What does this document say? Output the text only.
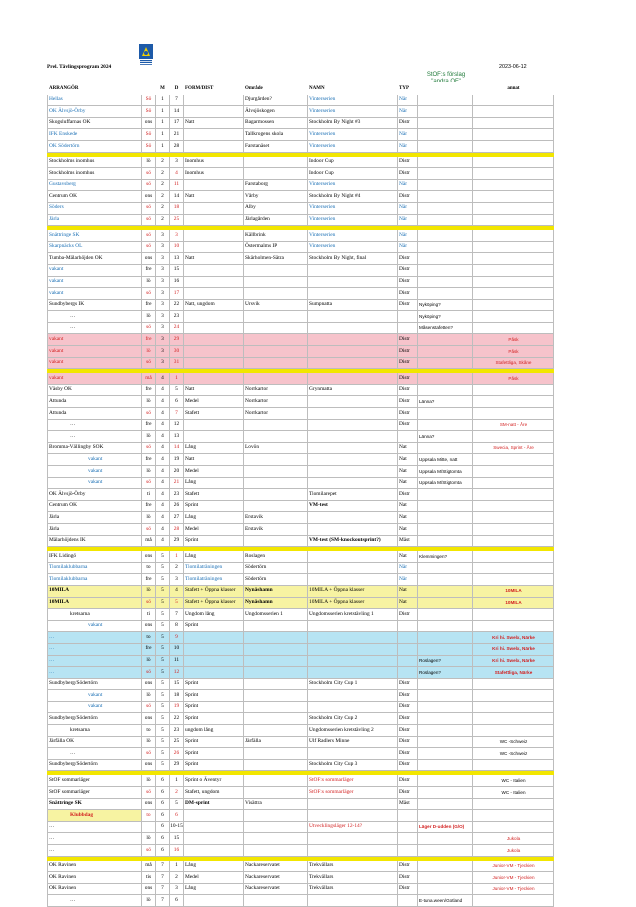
Prel. Tävlingsprogram 2024	2023-06-12
StOF:s förslag
"andra OF"
ARRANGÖR		M	D	FORM/DIST	Område	NAMN	TYP		annat
Hellas	Sö	1	7		Djurgården?	Vinterserien	När		
OK Älvsjö-Örby	Sö	1	14		Älvsjöskogen	Vinterserien	När		
Skogsluffarnas OK	ons	1	17	Natt	Bagarmossen	Stockholm By Night #3	Distr		
IFK Enskede	Sö	1	21		Tallkrogens skola	Vinterserien	När		
OK Södertörn	Sö	1	28		Farstanäset	Vinterserien	När		

Stockholms inomhus	lö	2	3	Inomhus		Indoor Cup	Distr		
Stockholms inomhus	sö	2	4	Inomhus		Indoor Cup	Distr		
Gustavsberg	sö	2	11		Farstaborg	Vinterserien	När		
Centrum OK	ons	2	14	Natt	Vårby	Stockholm By Night #4	Distr		
Söders	sö	2	18		Alby	Vinterserien	När		
Järla	sö	2	25		Järlagården	Vinterserien	När		

Snättringe SK	sö	3	3		Källbrink	Vinterserien	När		
Skarpnäcks OL	sö	3	10		Östermalms IP	Vinterserien	När		
Tumba-Mälarhöjden OK	ons	3	13	Natt	Skärholmen-Sätra	Stockholm By Night, final	Distr		
vakant	fre	3	15				Distr		
vakant	lö	3	16				Distr		
vakant	sö	3	17				Distr		
Sundbybergs IK	fre	3	22	Natt, ungdom	Ursvik	Sumpnatta	Distr	Nyköping?	
…	lö	3	23					Nyköping?	
…	sö	3	24					Måsenstafetten?	
vakant	fre	3	29				Distr		Påsk
vakant	lö	3	30				Distr		Påsk
vakant	sö	3	31				Distr		Stafettliga, Skåne

vakant	må	4	1				Distr		Påsk
Väsby OK	fre	4	5	Natt	Norrkartor	Grynmatta	Distr		
Attunda	lö	4	6	Medel	Norrkartor		Distr	Länna?	
Attunda	sö	4	7	Stafett	Norrkartor		Distr		
…	fre	4	12				Distr		SM-natt - Åre
…	lö	4	13					Länna?	
Bromma-Vällingby SOK	sö	4	14	Lång	Lovön		Nat		Swecia, Sprint - Åre
vakant	fre	4	19	Natt			Nat	Uppsala Mitte, natt	
vakant	lö	4	20	Medel			Nat	Uppsala M/Stigtomta	
vakant	sö	4	21	Lång			Nat	Uppsala M/Stigtomta	
OK Älvsjö-Örby	ti	4	23	Stafett		Tiomilarepet	Distr		
Centrum OK	fre	4	26	Sprint		VM-test	Nat		
Järla	lö	4	27	Lång	Erstavik		Nat		
Järla	sö	4	28	Medel	Erstavik		Nat		
Mälarhöjdens IK	må	4	29	Sprint		VM-test (SM-knockoutsprint?)	Mäst		

IFK Lidingö	ons	5	1	Lång	Roslagen		Nat	Klemmingen?	
Tiomilaklubbarna	to	5	2	Tiomilaträningen	Södertörn		När		
Tiomilaklubbarna	fre	5	3	Tiomilaträningen	Södertörn		När		
10MILA	lö	5	4	Stafett + Öppna klasser	Nynäshamn	10MILA + Öppna klasser	Nat		10MILA
10MILA	sö	5	5	Stafett + Öppna klasser	Nynäshamn	10MILA + Öppna klasser	Nat		10MILA
kretsarna	ti	5	7	Ungdom lång	Ungdomsserien 1	Ungdomsserien kretstävling 1	Distr		
vakant	ons	5	8	Sprint					
…	to	5	9						Kri hi. Swelx, Närke
…	fre	5	10						Kri hi. Swelx, Närke
…	lö	5	11					Roslagen?	Kri hi. Swelx, Närke
…	sö	5	12					Roslagen?	Stafettliga, Närke
Sundbyberg/Södertörn	ons	5	15	Sprint		Stockholm City Cup 1	Distr		
vakant	lö	5	18	Sprint			Distr		
vakant	sö	5	19	Sprint			Distr		
Sundbyberg/Södertörn	ons	5	22	Sprint		Stockholm City Cup 2	Distr		
kretsarna	to	5	23	ungdom lång		Ungdomsserien kretstävling 2	Distr		
Järfälla OK	lö	5	25	Sprint	Järfälla	Ulf Radlers Minne	Distr		WC -Schweiz
…	sö	5	26	Sprint			Distr		WC -Schweiz
Sundbyberg/Södertörn	ons	5	29	Sprint		Stockholm City Cup 3	Distr		

StOF sommarläger	lö	6	1	Sprint o Äventyr		StOF:s sommarläger	Distr		WC - Italien
StOF sommarläger	sö	6	2	Stafett, ungdom		StOF:s sommarläger	Distr		WC - Italien
Snättringe SK	ons	6	5	DM-sprint	Visättra		Mäst		
Klubbdag	to	6	6						
…		6	10-15			Utvecklingsläger 12-14?		Läger D-udden (G/O)	
…	lö	6	15						Jukola
…	sö	6	16						Jukola

OK Ravinen	må	7	1	Lång	Nackareservatet	Trekvällars	Distr		Junior-VM - Tjeckien
OK Ravinen	tis	7	2	Medel	Nackareservatet	Trekvällars	Distr		Junior-VM - Tjeckien
OK Ravinen	ons	7	3	Lång	Nackareservatet	Trekvällars	Distr		Junior-VM - Tjeckien
…	lö	7	6					E-tuna.ween/Gotland	
